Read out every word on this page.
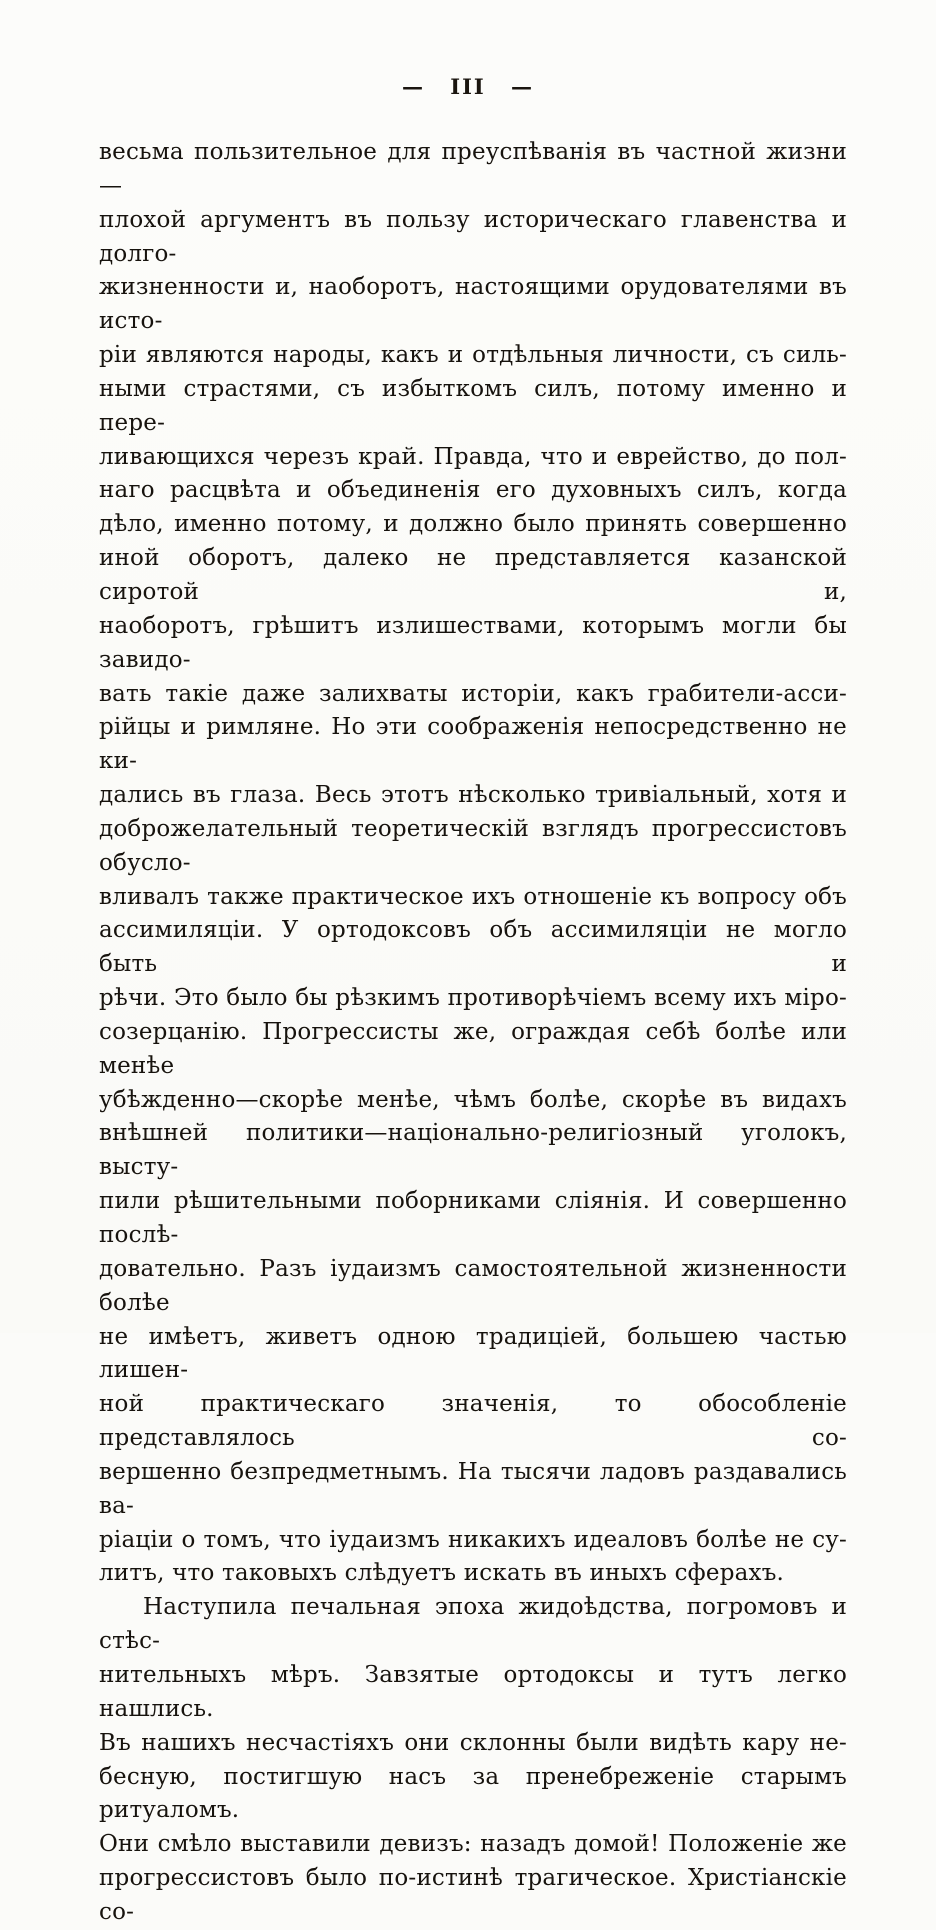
— III —
весьма пользительное для преуспѣванія въ частной жизни—
плохой аргументъ въ пользу историческаго главенства и долго-
жизненности и, наоборотъ, настоящими орудователями въ исто-
ріи являются народы, какъ и отдѣльныя личности, съ силь-
ными страстями, съ избыткомъ силъ, потому именно и пере-
ливающихся черезъ край. Правда, что и еврейство, до пол-
наго расцвѣта и объединенія его духовныхъ силъ, когда
дѣло, именно потому, и должно было принять совершенно
иной оборотъ, далеко не представляется казанской сиротой и,
наоборотъ, грѣшитъ излишествами, которымъ могли бы завидо-
вать такіе даже залихваты исторіи, какъ грабители-асси-
рійцы и римляне. Но эти соображенія непосредственно не ки-
дались въ глаза. Весь этотъ нѣсколько тривіальный, хотя и
доброжелательный теоретическій взглядъ прогрессистовъ обусло-
вливалъ также практическое ихъ отношеніе къ вопросу объ
ассимиляціи. У ортодоксовъ объ ассимиляціи не могло быть и
рѣчи. Это было бы рѣзкимъ противорѣчіемъ всему ихъ міро-
созерцанію. Прогрессисты же, ограждая себѣ болѣе или менѣе
убѣжденно—скорѣе менѣе, чѣмъ болѣе, скорѣе въ видахъ
внѣшней политики—національно-религіозный уголокъ, высту-
пили рѣшительными поборниками сліянія. И совершенно послѣ-
довательно. Разъ іудаизмъ самостоятельной жизненности болѣе
не имѣетъ, живетъ одною традиціей, большею частью лишен-
ной практическаго значенія, то обособленіе представлялось со-
вершенно безпредметнымъ. На тысячи ладовъ раздавались ва-
ріаціи о томъ, что іудаизмъ никакихъ идеаловъ болѣе не су-
литъ, что таковыхъ слѣдуетъ искать въ иныхъ сферахъ.
Наступила печальная эпоха жидоѣдства, погромовъ и стѣс-
нительныхъ мѣръ. Завзятые ортодоксы и тутъ легко нашлись.
Въ нашихъ несчастіяхъ они склонны были видѣть кару не-
бесную, постигшую насъ за пренебреженіе старымъ ритуаломъ.
Они смѣло выставили девизъ: назадъ домой! Положеніе же
прогрессистовъ было по-истинѣ трагическое. Христіанскіе со-
